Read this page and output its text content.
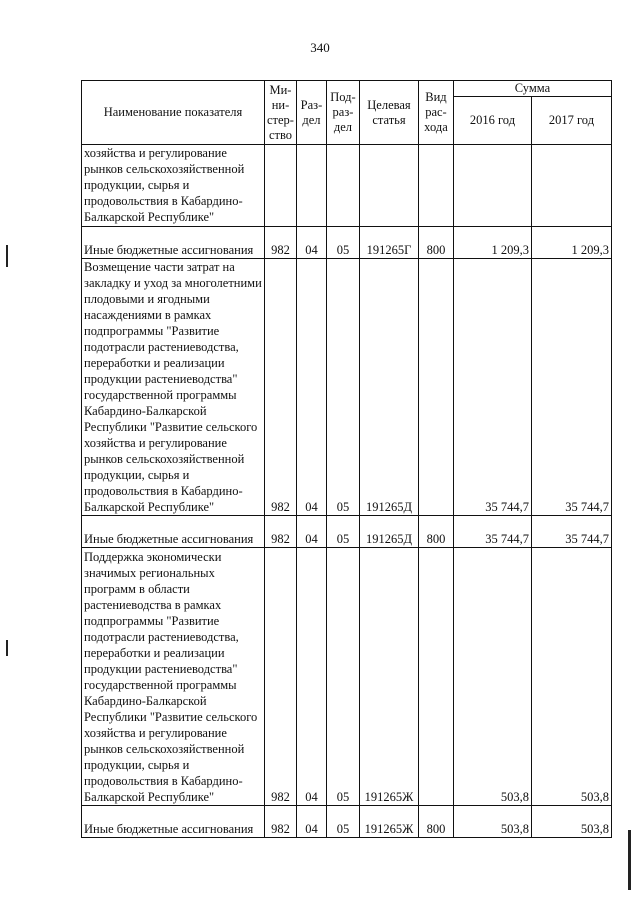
340
Наименование показателя	Ми-ни-стер-ство	Раз-дел	Под-раз-дел	Целевая статья	Вид рас-хода	Сумма	
						2016 год	2017 год
хозяйства и регулирование рынков сельскохозяйственной продукции, сырья и продовольствия в Кабардино-Балкарской Республике"							
Иные бюджетные ассигнования	982	04	05	191265Г	800	1 209,3	1 209,3
Возмещение части затрат на закладку и уход за многолетними плодовыми и ягодными насаждениями в рамках подпрограммы "Развитие подотрасли растениеводства, переработки и реализации продукции растениеводства" государственной программы Кабардино-Балкарской Республики "Развитие сельского хозяйства и регулирование рынков сельскохозяйственной продукции, сырья и продовольствия в Кабардино-Балкарской Республике"	982	04	05	191265Д		35 744,7	35 744,7
Иные бюджетные ассигнования	982	04	05	191265Д	800	35 744,7	35 744,7
Поддержка экономически значимых региональных программ в области растениеводства в рамках подпрограммы "Развитие подотрасли растениеводства, переработки и реализации продукции растениеводства" государственной программы Кабардино-Балкарской Республики "Развитие сельского хозяйства и регулирование рынков сельскохозяйственной продукции, сырья и продовольствия в Кабардино-Балкарской Республике"	982	04	05	191265Ж		503,8	503,8
Иные бюджетные ассигнования	982	04	05	191265Ж	800	503,8	503,8
